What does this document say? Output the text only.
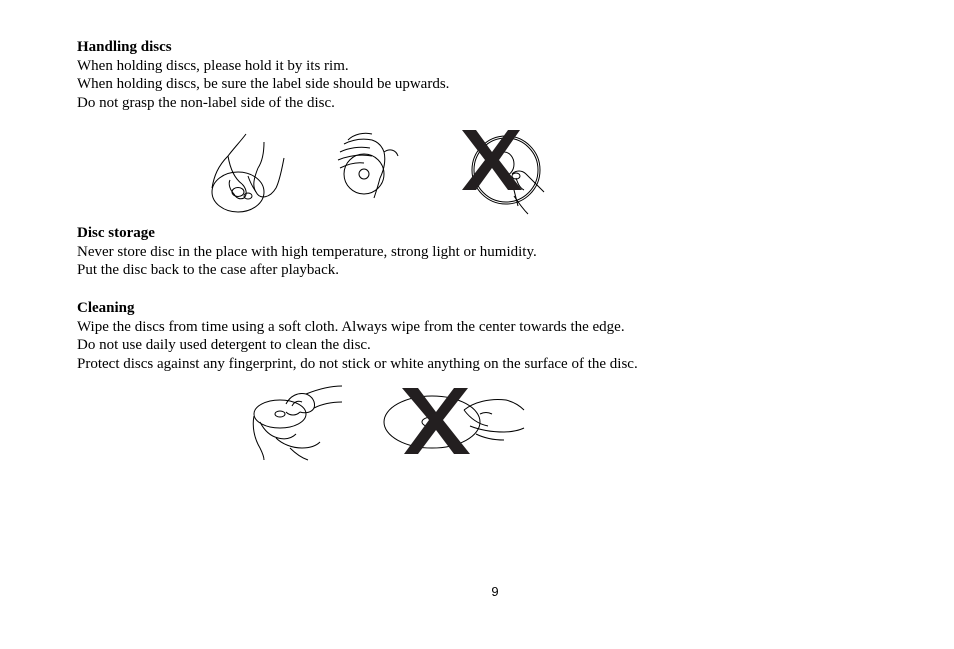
Handling discs
When holding discs, please hold it by its rim.
When holding discs, be sure the label side should be upwards.
Do not grasp the non-label side of the disc.
Disc storage
Never store disc in the place with high temperature, strong light or humidity.
Put the disc back to the case after playback.
Cleaning
Wipe the discs from time using a soft cloth. Always wipe from the center towards the edge.
Do not use daily used detergent to clean the disc.
Protect discs against any fingerprint, do not stick or white anything on the surface of the disc.
9
